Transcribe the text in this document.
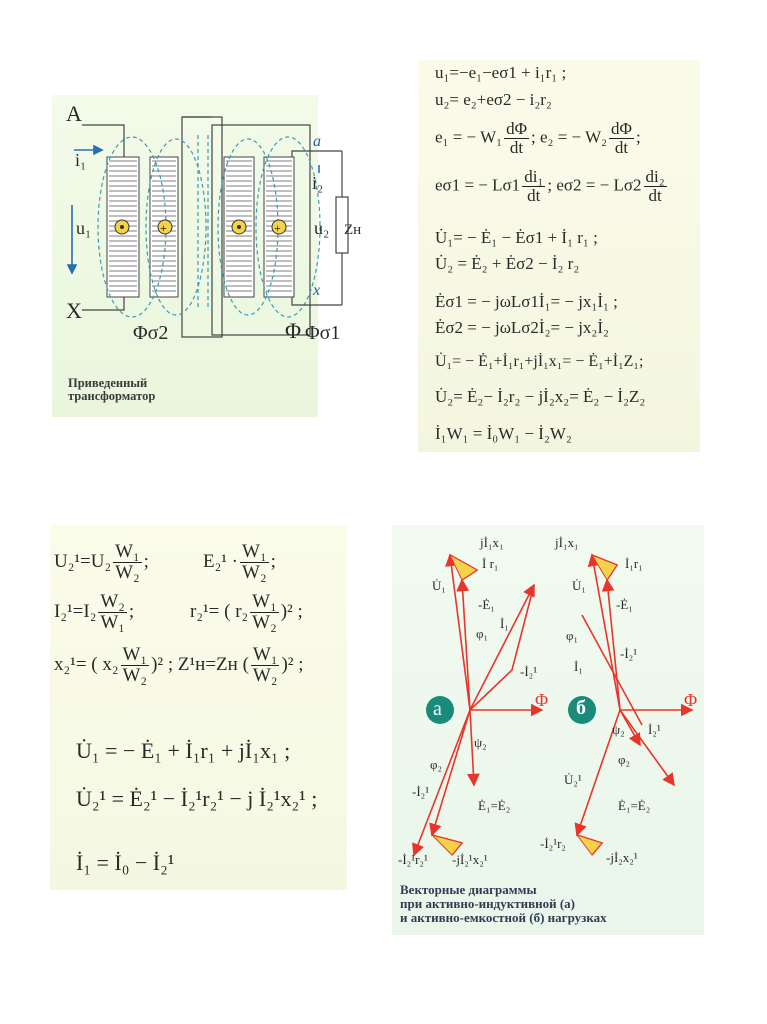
+	+
A
X
a
x
i₁
i₂
u₁	u₂ Zн
Φσ2	Φ Φσ1
Приведенный
трансформатор
u₁=−e₁−eσ1 + i₁r₁ ;
u₂= e₂+eσ2 − i₂r₂
e₁ = − $W_1 \frac{d\Phi}{dt}$ ; e₂ = − $W_2 \frac{d\Phi}{dt}$ ;
eσ1 = − $L\sigma 1 \frac{\text{di₁}}{dt}$ ; eσ2 = − $L\sigma 2 \frac{\text{di₂}}{dt}$
U̇₁= − Ė₁ − Ėσ1 + İ₁ r₁ ;
U̇₂ = Ė₂ + Ėσ2 − İ₂ r₂
Ėσ1 = − jωLσ1İ₁= − jx₁İ₁ ;
Ėσ2 = − jωLσ2İ₂= − jx₂İ₂
U̇₁= − Ė₁+İ₁r₁+jİ₁x₁= − Ė₁+İ₁Z₁;
U̇₂= Ė₂− İ₂r₂ − jİ₂x₂= Ė₂ − İ₂Z₂
İ₁W₁ = İ₀W₁ − İ₂W₂
$U_2^1=U_2 \frac{\text{W₁}}{\text{W₂}}$ ;	$E_2^1 \cdot \frac{\text{W₁}}{\text{W₂}}$ ;
$I_2^1=I_2 \frac{\text{W₂}}{\text{W₁}}$ ;	r₂¹= ( $r_2 \frac{\text{W₁}}{\text{W₂}} )^2$ ;
x₂¹= ( $x_2 \frac{\text{W₁}}{\text{W₂}} )^2$ ; Z¹н=Zн ( $\frac{\text{W₁}}{\text{W₂}} )^2$ ;
U̇₁ = − Ė₁ + İ₁r₁ + jİ₁x₁ ;
U̇₂¹ = Ė₂¹ − İ₂¹r₂¹ − j İ₂¹x₂¹ ;
İ₁ = İ₀ − İ₂¹
а	б
Φ	Φ
jİ₁x₁
İ r₁
U̇₁
-Ė₁
İ₁
φ₁
-İ₂¹
ψ₂
φ₂
-İ₂¹
Ė₁=Ė₂
-İ₂¹r₂¹ -jİ₂¹x₂¹
jİ₁x₁
İ₁r₁
U̇₁
-Ė₁
φ₁
-İ₂¹
İ₁
ψ₂ İ₂¹
φ₂
U̇₂¹
Ė₁=Ė₂
-İ₂¹r₂
-jİ₂x₂¹
Векторные диаграммы
при активно-индуктивной (а)
и активно-емкостной (б) нагрузках
